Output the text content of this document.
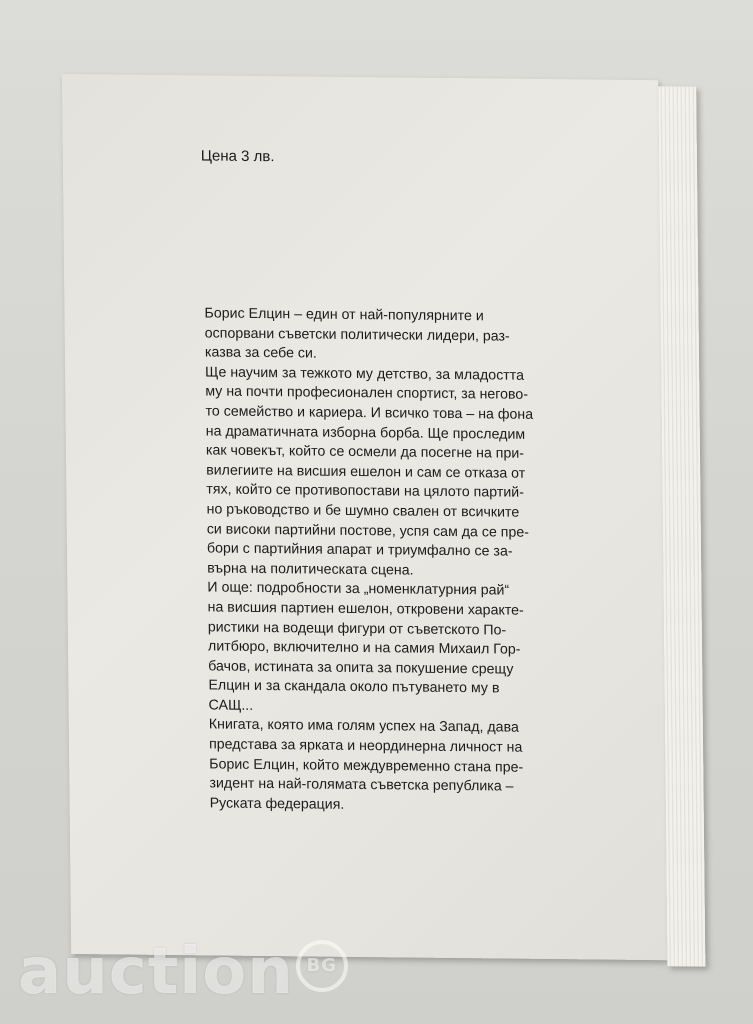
Цена 3 лв.
Борис Елцин – един от най-популярните и
оспорвани съветски политически лидери, раз-
казва за себе си.
Ще научим за тежкото му детство, за младостта
му на почти професионален спортист, за негово-
то семейство и кариера. И всичко това – на фона
на драматичната изборна борба. Ще проследим
как човекът, който се осмели да посегне на при-
вилегиите на висшия ешелон и сам се отказа от
тях, който се противопостави на цялото партий-
но ръководство и бе шумно свален от всичките
си високи партийни постове, успя сам да се пре-
бори с партийния апарат и триумфално се за-
върна на политическата сцена.
И още: подробности за „номенклатурния рай“
на висшия партиен ешелон, откровени характе-
ристики на водещи фигури от съветското По-
литбюро, включително и на самия Михаил Гор-
бачов, истината за опита за покушение срещу
Елцин и за скандала около пътуването му в
САЩ...
Книгата, която има голям успех на Запад, дава
представа за ярката и неординерна личност на
Борис Елцин, който междувременно стана пре-
зидент на най-голямата съветска република –
Руската федерация.
auction BG
